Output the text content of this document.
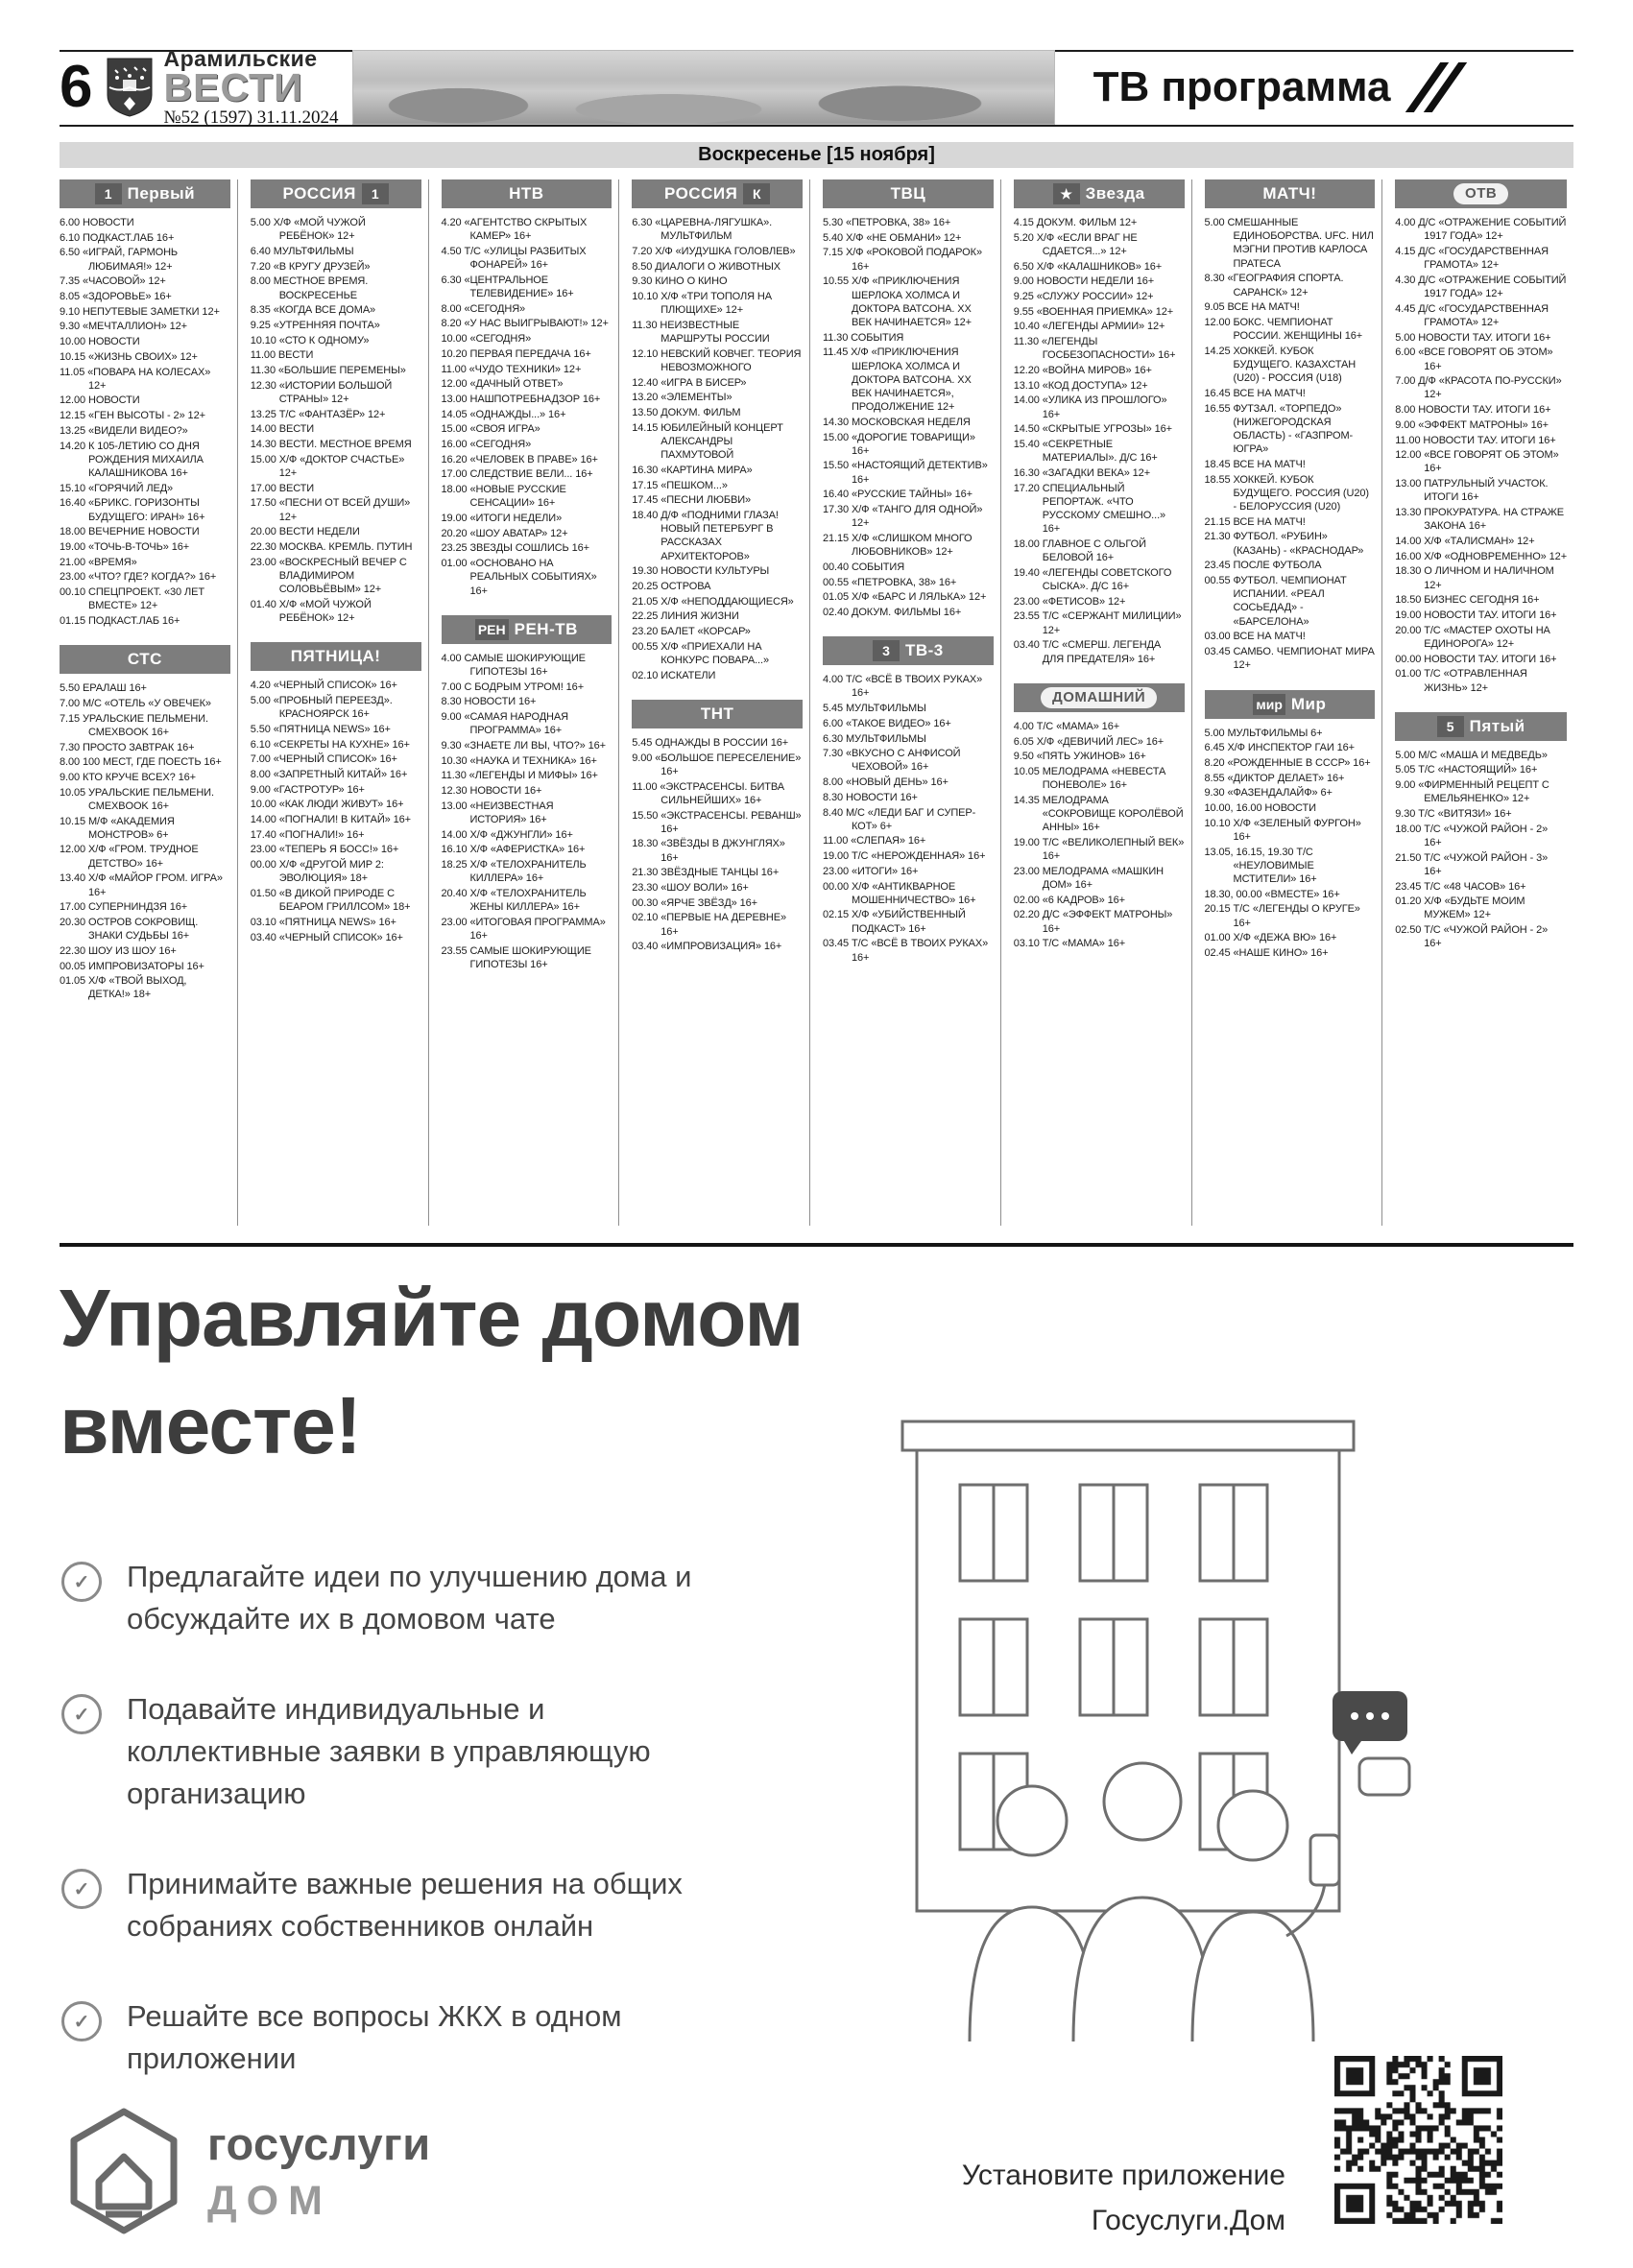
6	Арамильские
ВЕСТИ
№52 (1597) 31.11.2024
ТВ программа
Воскресенье [15 ноября]
1 Первый
6.00 НОВОСТИ
6.10 ПОДКАСТ.ЛАБ 16+
6.50 «ИГРАЙ, ГАРМОНЬ ЛЮБИМАЯ!» 12+
7.35 «ЧАСОВОЙ» 12+
8.05 «ЗДОРОВЬЕ» 16+
9.10 НЕПУТЕВЫЕ ЗАМЕТКИ 12+
9.30 «МЕЧТАЛЛИОН» 12+
10.00 НОВОСТИ
10.15 «ЖИЗНЬ СВОИХ» 12+
11.05 «ПОВАРА НА КОЛЕСАХ» 12+
12.00 НОВОСТИ
12.15 «ГЕН ВЫСОТЫ - 2» 12+
13.25 «ВИДЕЛИ ВИДЕО?»
14.20 К 105-ЛЕТИЮ СО ДНЯ РОЖДЕНИЯ МИХАИЛА КАЛАШНИКОВА 16+
15.10 «ГОРЯЧИЙ ЛЕД»
16.40 «БРИКС. ГОРИЗОНТЫ БУДУЩЕГО: ИРАН» 16+
18.00 ВЕЧЕРНИЕ НОВОСТИ
19.00 «ТОЧЬ-В-ТОЧЬ» 16+
21.00 «ВРЕМЯ»
23.00 «ЧТО? ГДЕ? КОГДА?» 16+
00.10 СПЕЦПРОЕКТ. «30 ЛЕТ ВМЕСТЕ» 12+
01.15 ПОДКАСТ.ЛАБ 16+
СТС
5.50 ЕРАЛАШ 16+
7.00 М/С «ОТЕЛЬ «У ОВЕЧЕК»
7.15 УРАЛЬСКИЕ ПЕЛЬМЕНИ. СМЕХBOOK 16+
7.30 ПРОСТО ЗАВТРАК 16+
8.00 100 МЕСТ, ГДЕ ПОЕСТЬ 16+
9.00 КТО КРУЧЕ ВСЕХ? 16+
10.05 УРАЛЬСКИЕ ПЕЛЬМЕНИ. СМЕХBOOK 16+
10.15 М/Ф «АКАДЕМИЯ МОНСТРОВ» 6+
12.00 Х/Ф «ГРОМ. ТРУДНОЕ ДЕТСТВО» 16+
13.40 Х/Ф «МАЙОР ГРОМ. ИГРА» 16+
17.00 СУПЕРНИНДЗЯ 16+
20.30 ОСТРОВ СОКРОВИЩ. ЗНАКИ СУДЬБЫ 16+
22.30 ШОУ ИЗ ШОУ 16+
00.05 ИМПРОВИЗАТОРЫ 16+
01.05 Х/Ф «ТВОЙ ВЫХОД, ДЕТКА!» 18+
РОССИЯ	1
5.00 Х/Ф «МОЙ ЧУЖОЙ РЕБЁНОК» 12+
6.40 МУЛЬТФИЛЬМЫ
7.20 «В КРУГУ ДРУЗЕЙ»
8.00 МЕСТНОЕ ВРЕМЯ. ВОСКРЕСЕНЬЕ
8.35 «КОГДА ВСЕ ДОМА»
9.25 «УТРЕННЯЯ ПОЧТА»
10.10 «СТО К ОДНОМУ»
11.00 ВЕСТИ
11.30 «БОЛЬШИЕ ПЕРЕМЕНЫ»
12.30 «ИСТОРИИ БОЛЬШОЙ СТРАНЫ» 12+
13.25 Т/С «ФАНТАЗЁР» 12+
14.00 ВЕСТИ
14.30 ВЕСТИ. МЕСТНОЕ ВРЕМЯ
15.00 Х/Ф «ДОКТОР СЧАСТЬЕ» 12+
17.00 ВЕСТИ
17.50 «ПЕСНИ ОТ ВСЕЙ ДУШИ» 12+
20.00 ВЕСТИ НЕДЕЛИ
22.30 МОСКВА. КРЕМЛЬ. ПУТИН
23.00 «ВОСКРЕСНЫЙ ВЕЧЕР С ВЛАДИМИРОМ СОЛОВЬЁВЫМ» 12+
01.40 Х/Ф «МОЙ ЧУЖОЙ РЕБЁНОК» 12+
ПЯТНИЦА!
4.20 «ЧЕРНЫЙ СПИСОК» 16+
5.00 «ПРОБНЫЙ ПЕРЕЕЗД». КРАСНОЯРСК 16+
5.50 «ПЯТНИЦА NEWS» 16+
6.10 «СЕКРЕТЫ НА КУХНЕ» 16+
7.00 «ЧЕРНЫЙ СПИСОК» 16+
8.00 «ЗАПРЕТНЫЙ КИТАЙ» 16+
9.00 «ГАСТРОТУР» 16+
10.00 «КАК ЛЮДИ ЖИВУТ» 16+
14.00 «ПОГНАЛИ! В КИТАЙ» 16+
17.40 «ПОГНАЛИ!» 16+
23.00 «ТЕПЕРЬ Я БОСС!» 16+
00.00 Х/Ф «ДРУГОЙ МИР 2: ЭВОЛЮЦИЯ» 18+
01.50 «В ДИКОЙ ПРИРОДЕ С БЕАРОМ ГРИЛЛСОМ» 18+
03.10 «ПЯТНИЦА NEWS» 16+
03.40 «ЧЕРНЫЙ СПИСОК» 16+
НТВ
4.20 «АГЕНТСТВО СКРЫТЫХ КАМЕР» 16+
4.50 Т/С «УЛИЦЫ РАЗБИТЫХ ФОНАРЕЙ» 16+
6.30 «ЦЕНТРАЛЬНОЕ ТЕЛЕВИДЕНИЕ» 16+
8.00 «СЕГОДНЯ»
8.20 «У НАС ВЫИГРЫВАЮТ!» 12+
10.00 «СЕГОДНЯ»
10.20 ПЕРВАЯ ПЕРЕДАЧА 16+
11.00 «ЧУДО ТЕХНИКИ» 12+
12.00 «ДАЧНЫЙ ОТВЕТ»
13.00 НАШПОТРЕБНАДЗОР 16+
14.05 «ОДНАЖДЫ...» 16+
15.00 «СВОЯ ИГРА»
16.00 «СЕГОДНЯ»
16.20 «ЧЕЛОВЕК В ПРАВЕ» 16+
17.00 СЛЕДСТВИЕ ВЕЛИ... 16+
18.00 «НОВЫЕ РУССКИЕ СЕНСАЦИИ» 16+
19.00 «ИТОГИ НЕДЕЛИ»
20.20 «ШОУ АВАТАР» 12+
23.25 ЗВЕЗДЫ СОШЛИСЬ 16+
01.00 «ОСНОВАНО НА РЕАЛЬНЫХ СОБЫТИЯХ» 16+
РЕН РЕН-ТВ
4.00 САМЫЕ ШОКИРУЮЩИЕ ГИПОТЕЗЫ 16+
7.00 С БОДРЫМ УТРОМ! 16+
8.30 НОВОСТИ 16+
9.00 «САМАЯ НАРОДНАЯ ПРОГРАММА» 16+
9.30 «ЗНАЕТЕ ЛИ ВЫ, ЧТО?» 16+
10.30 «НАУКА И ТЕХНИКА» 16+
11.30 «ЛЕГЕНДЫ И МИФЫ» 16+
12.30 НОВОСТИ 16+
13.00 «НЕИЗВЕСТНАЯ ИСТОРИЯ» 16+
14.00 Х/Ф «ДЖУНГЛИ» 16+
16.10 Х/Ф «АФЕРИСТКА» 16+
18.25 Х/Ф «ТЕЛОХРАНИТЕЛЬ КИЛЛЕРА» 16+
20.40 Х/Ф «ТЕЛОХРАНИТЕЛЬ ЖЕНЫ КИЛЛЕРА» 16+
23.00 «ИТОГОВАЯ ПРОГРАММА» 16+
23.55 САМЫЕ ШОКИРУЮЩИЕ ГИПОТЕЗЫ 16+
РОССИЯ	К
6.30 «ЦАРЕВНА-ЛЯГУШКА». МУЛЬТФИЛЬМ
7.20 Х/Ф «ИУДУШКА ГОЛОВЛЕВ»
8.50 ДИАЛОГИ О ЖИВОТНЫХ
9.30 КИНО О КИНО
10.10 Х/Ф «ТРИ ТОПОЛЯ НА ПЛЮЩИХЕ» 12+
11.30 НЕИЗВЕСТНЫЕ МАРШРУТЫ РОССИИ
12.10 НЕВСКИЙ КОВЧЕГ. ТЕОРИЯ НЕВОЗМОЖНОГО
12.40 «ИГРА В БИСЕР»
13.20 «ЭЛЕМЕНТЫ»
13.50 ДОКУМ. ФИЛЬМ
14.15 ЮБИЛЕЙНЫЙ КОНЦЕРТ АЛЕКСАНДРЫ ПАХМУТОВОЙ
16.30 «КАРТИНА МИРА»
17.15 «ПЕШКОМ...»
17.45 «ПЕСНИ ЛЮБВИ»
18.40 Д/Ф «ПОДНИМИ ГЛАЗА! НОВЫЙ ПЕТЕРБУРГ В РАССКАЗАХ АРХИТЕКТОРОВ»
19.30 НОВОСТИ КУЛЬТУРЫ
20.25 ОСТРОВА
21.05 Х/Ф «НЕПОДДАЮЩИЕСЯ»
22.25 ЛИНИЯ ЖИЗНИ
23.20 БАЛЕТ «КОРСАР»
00.55 Х/Ф «ПРИЕХАЛИ НА КОНКУРС ПОВАРА...»
02.10 ИСКАТЕЛИ
ТНТ
5.45 ОДНАЖДЫ В РОССИИ 16+
9.00 «БОЛЬШОЕ ПЕРЕСЕЛЕНИЕ» 16+
11.00 «ЭКСТРАСЕНСЫ. БИТВА СИЛЬНЕЙШИХ» 16+
15.50 «ЭКСТРАСЕНСЫ. РЕВАНШ» 16+
18.30 «ЗВЁЗДЫ В ДЖУНГЛЯХ» 16+
21.30 ЗВЁЗДНЫЕ ТАНЦЫ 16+
23.30 «ШОУ ВОЛИ» 16+
00.30 «ЯРЧЕ ЗВЁЗД» 16+
02.10 «ПЕРВЫЕ НА ДЕРЕВНЕ» 16+
03.40 «ИМПРОВИЗАЦИЯ» 16+
ТВЦ
5.30 «ПЕТРОВКА, 38» 16+
5.40 Х/Ф «НЕ ОБМАНИ» 12+
7.15 Х/Ф «РОКОВОЙ ПОДАРОК» 16+
10.55 Х/Ф «ПРИКЛЮЧЕНИЯ ШЕРЛОКА ХОЛМСА И ДОКТОРА ВАТСОНА. ХХ ВЕК НАЧИНАЕТСЯ» 12+
11.30 СОБЫТИЯ
11.45 Х/Ф «ПРИКЛЮЧЕНИЯ ШЕРЛОКА ХОЛМСА И ДОКТОРА ВАТСОНА. ХХ ВЕК НАЧИНАЕТСЯ», ПРОДОЛЖЕНИЕ 12+
14.30 МОСКОВСКАЯ НЕДЕЛЯ
15.00 «ДОРОГИЕ ТОВАРИЩИ» 16+
15.50 «НАСТОЯЩИЙ ДЕТЕКТИВ» 16+
16.40 «РУССКИЕ ТАЙНЫ» 16+
17.30 Х/Ф «ТАНГО ДЛЯ ОДНОЙ» 12+
21.15 Х/Ф «СЛИШКОМ МНОГО ЛЮБОВНИКОВ» 12+
00.40 СОБЫТИЯ
00.55 «ПЕТРОВКА, 38» 16+
01.05 Х/Ф «БАРС И ЛЯЛЬКА» 12+
02.40 ДОКУМ. ФИЛЬМЫ 16+
3 ТВ-3
4.00 Т/С «ВСЁ В ТВОИХ РУКАХ» 16+
5.45 МУЛЬТФИЛЬМЫ
6.00 «ТАКОЕ ВИДЕО» 16+
6.30 МУЛЬТФИЛЬМЫ
7.30 «ВКУСНО С АНФИСОЙ ЧЕХОВОЙ» 16+
8.00 «НОВЫЙ ДЕНЬ» 16+
8.30 НОВОСТИ 16+
8.40 М/С «ЛЕДИ БАГ И СУПЕР-КОТ» 6+
11.00 «СЛЕПАЯ» 16+
19.00 Т/С «НЕРОЖДЕННАЯ» 16+
23.00 «ИТОГИ» 16+
00.00 Х/Ф «АНТИКВАРНОЕ МОШЕННИЧЕСТВО» 16+
02.15 Х/Ф «УБИЙСТВЕННЫЙ ПОДКАСТ» 16+
03.45 Т/С «ВСЁ В ТВОИХ РУКАХ» 16+
★ Звезда
4.15 ДОКУМ. ФИЛЬМ 12+
5.20 Х/Ф «ЕСЛИ ВРАГ НЕ СДАЕТСЯ...» 12+
6.50 Х/Ф «КАЛАШНИКОВ» 16+
9.00 НОВОСТИ НЕДЕЛИ 16+
9.25 «СЛУЖУ РОССИИ» 12+
9.55 «ВОЕННАЯ ПРИЕМКА» 12+
10.40 «ЛЕГЕНДЫ АРМИИ» 12+
11.30 «ЛЕГЕНДЫ ГОСБЕЗОПАСНОСТИ» 16+
12.20 «ВОЙНА МИРОВ» 16+
13.10 «КОД ДОСТУПА» 12+
14.00 «УЛИКА ИЗ ПРОШЛОГО» 16+
14.50 «СКРЫТЫЕ УГРОЗЫ» 16+
15.40 «СЕКРЕТНЫЕ МАТЕРИАЛЫ». Д/С 16+
16.30 «ЗАГАДКИ ВЕКА» 12+
17.20 СПЕЦИАЛЬНЫЙ РЕПОРТАЖ. «ЧТО РУССКОМУ СМЕШНО...» 16+
18.00 ГЛАВНОЕ С ОЛЬГОЙ БЕЛОВОЙ 16+
19.40 «ЛЕГЕНДЫ СОВЕТСКОГО СЫСКА». Д/С 16+
23.00 «ФЕТИСОВ» 12+
23.55 Т/С «СЕРЖАНТ МИЛИЦИИ» 12+
03.40 Т/С «СМЕРШ. ЛЕГЕНДА ДЛЯ ПРЕДАТЕЛЯ» 16+
ДОМАШНИЙ
4.00 Т/С «МАМА» 16+
6.05 Х/Ф «ДЕВИЧИЙ ЛЕС» 16+
9.50 «ПЯТЬ УЖИНОВ» 16+
10.05 МЕЛОДРАМА «НЕВЕСТА ПОНЕВОЛЕ» 16+
14.35 МЕЛОДРАМА «СОКРОВИЩЕ КОРОЛЁВОЙ АННЫ» 16+
19.00 Т/С «ВЕЛИКОЛЕПНЫЙ ВЕК» 16+
23.00 МЕЛОДРАМА «МАШКИН ДОМ» 16+
02.00 «6 КАДРОВ» 16+
02.20 Д/С «ЭФФЕКТ МАТРОНЫ» 16+
03.10 Т/С «МАМА» 16+
МАТЧ!
5.00 СМЕШАННЫЕ ЕДИНОБОРСТВА. UFC. НИЛ МЭГНИ ПРОТИВ КАРЛОСА ПРАТЕСА
8.30 «ГЕОГРАФИЯ СПОРТА. САРАНСК» 12+
9.05 ВСЕ НА МАТЧ!
12.00 БОКС. ЧЕМПИОНАТ РОССИИ. ЖЕНЩИНЫ 16+
14.25 ХОККЕЙ. КУБОК БУДУЩЕГО. КАЗАХСТАН (U20) - РОССИЯ (U18)
16.45 ВСЕ НА МАТЧ!
16.55 ФУТЗАЛ. «ТОРПЕДО» (НИЖЕГОРОДСКАЯ ОБЛАСТЬ) - «ГАЗПРОМ-ЮГРА»
18.45 ВСЕ НА МАТЧ!
18.55 ХОККЕЙ. КУБОК БУДУЩЕГО. РОССИЯ (U20) - БЕЛОРУССИЯ (U20)
21.15 ВСЕ НА МАТЧ!
21.30 ФУТБОЛ. «РУБИН» (КАЗАНЬ) - «КРАСНОДАР»
23.45 ПОСЛЕ ФУТБОЛА
00.55 ФУТБОЛ. ЧЕМПИОНАТ ИСПАНИИ. «РЕАЛ СОСЬЕДАД» - «БАРСЕЛОНА»
03.00 ВСЕ НА МАТЧ!
03.45 САМБО. ЧЕМПИОНАТ МИРА 12+
мир Мир
5.00 МУЛЬТФИЛЬМЫ 6+
6.45 Х/Ф ИНСПЕКТОР ГАИ 16+
8.20 «РОЖДЕННЫЕ В СССР» 16+
8.55 «ДИКТОР ДЕЛАЕТ» 16+
9.30 «ФАЗЕНДАЛАЙФ» 6+
10.00, 16.00 НОВОСТИ
10.10 Х/Ф «ЗЕЛЕНЫЙ ФУРГОН» 16+
13.05, 16.15, 19.30 Т/С «НЕУЛОВИМЫЕ МСТИТЕЛИ» 16+
18.30, 00.00 «ВМЕСТЕ» 16+
20.15 Т/С «ЛЕГЕНДЫ О КРУГЕ» 16+
01.00 Х/Ф «ДЕЖА ВЮ» 16+
02.45 «НАШЕ КИНО» 16+
ОТВ
4.00 Д/С «ОТРАЖЕНИЕ СОБЫТИЙ 1917 ГОДА» 12+
4.15 Д/С «ГОСУДАРСТВЕННАЯ ГРАМОТА» 12+
4.30 Д/С «ОТРАЖЕНИЕ СОБЫТИЙ 1917 ГОДА» 12+
4.45 Д/С «ГОСУДАРСТВЕННАЯ ГРАМОТА» 12+
5.00 НОВОСТИ ТАУ. ИТОГИ 16+
6.00 «ВСЕ ГОВОРЯТ ОБ ЭТОМ» 16+
7.00 Д/Ф «КРАСОТА ПО-РУССКИ» 12+
8.00 НОВОСТИ ТАУ. ИТОГИ 16+
9.00 «ЭФФЕКТ МАТРОНЫ» 16+
11.00 НОВОСТИ ТАУ. ИТОГИ 16+
12.00 «ВСЕ ГОВОРЯТ ОБ ЭТОМ» 16+
13.00 ПАТРУЛЬНЫЙ УЧАСТОК. ИТОГИ 16+
13.30 ПРОКУРАТУРА. НА СТРАЖЕ ЗАКОНА 16+
14.00 Х/Ф «ТАЛИСМАН» 12+
16.00 Х/Ф «ОДНОВРЕМЕННО» 12+
18.30 О ЛИЧНОМ И НАЛИЧНОМ 12+
18.50 БИЗНЕС СЕГОДНЯ 16+
19.00 НОВОСТИ ТАУ. ИТОГИ 16+
20.00 Т/С «МАСТЕР ОХОТЫ НА ЕДИНОРОГА» 12+
00.00 НОВОСТИ ТАУ. ИТОГИ 16+
01.00 Т/С «ОТРАВЛЕННАЯ ЖИЗНЬ» 12+
5 Пятый
5.00 М/С «МАША И МЕДВЕДЬ»
5.05 Т/С «НАСТОЯЩИЙ» 16+
9.00 «ФИРМЕННЫЙ РЕЦЕПТ С ЕМЕЛЬЯНЕНКО» 12+
9.30 Т/С «ВИТЯЗИ» 16+
18.00 Т/С «ЧУЖОЙ РАЙОН - 2» 16+
21.50 Т/С «ЧУЖОЙ РАЙОН - 3» 16+
23.45 Т/С «48 ЧАСОВ» 16+
01.20 Х/Ф «БУДЬТЕ МОИМ МУЖЕМ» 12+
02.50 Т/С «ЧУЖОЙ РАЙОН - 2» 16+
Управляйте домом
вместе!
✓	Предлагайте идеи по улучшению дома и обсуждайте их в домовом чате
✓	Подавайте индивидуальные и коллективные заявки в управляющую организацию
✓	Принимайте важные решения на общих собраниях собственников онлайн
✓	Решайте все вопросы ЖКХ в одном приложении
госуслуги
ДОМ
Установите приложение
Госуслуги.Дом
